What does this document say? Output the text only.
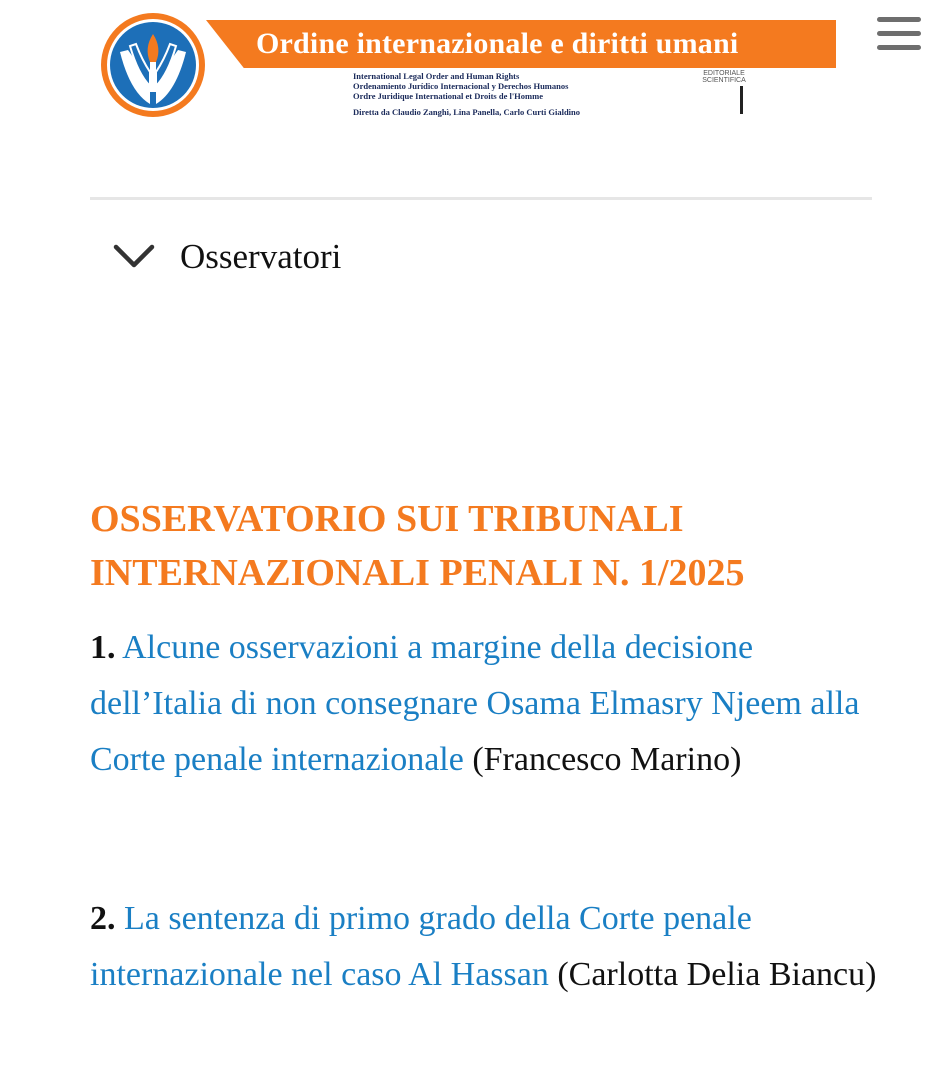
Ordine internazionale e diritti umani
International Legal Order and Human Rights
Ordenamiento Jurídico Internacional y Derechos Humanos
Ordre Juridique International et Droits de l'Homme
Diretta da Claudio Zanghì, Lina Panella, Carlo Curti Gialdino
EDITORIALE
SCIENTIFICA
Osservatori
OSSERVATORIO SUI TRIBUNALI INTERNAZIONALI PENALI N. 1/2025
1. Alcune osservazioni a margine della decisione dell’Italia di non consegnare Osama Elmasry Njeem alla Corte penale internazionale (Francesco Marino)
2. La sentenza di primo grado della Corte penale internazionale nel caso Al Hassan (Carlotta Delia Biancu)
